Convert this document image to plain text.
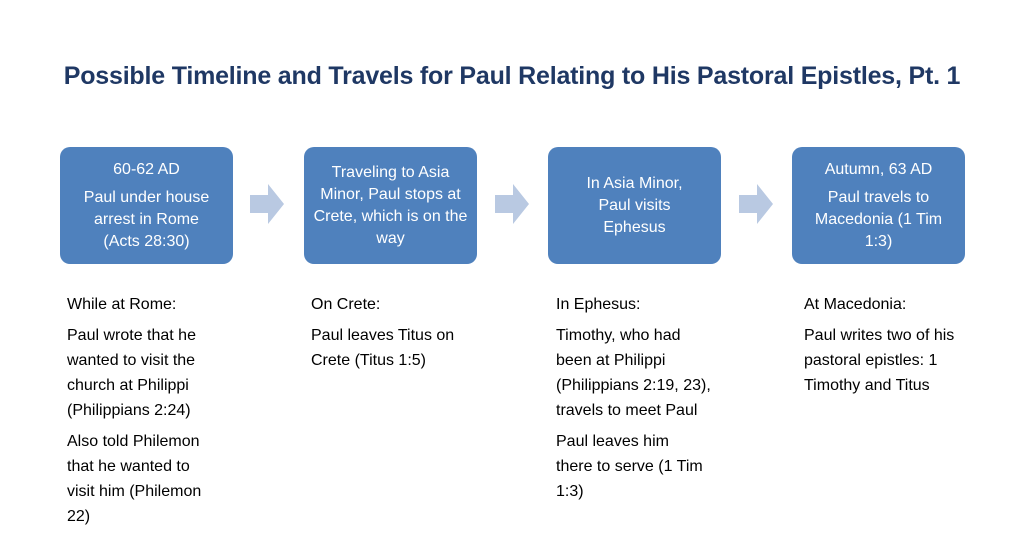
Possible Timeline and Travels for Paul Relating to His Pastoral Epistles, Pt. 1
60-62 AD
Paul under house arrest in Rome (Acts 28:30)
Traveling to Asia Minor, Paul stops at Crete, which is on the way
In Asia Minor, Paul visits Ephesus
Autumn, 63 AD
Paul travels to Macedonia (1 Tim 1:3)
While at Rome:
Paul wrote that he wanted to visit the church at Philippi (Philippians 2:24)
Also told Philemon that he wanted to visit him (Philemon 22)
On Crete:
Paul leaves Titus on Crete (Titus 1:5)
In Ephesus:
Timothy, who had been at Philippi (Philippians 2:19, 23), travels to meet Paul
Paul leaves him there to serve (1 Tim 1:3)
At Macedonia:
Paul writes two of his pastoral epistles: 1 Timothy and Titus
